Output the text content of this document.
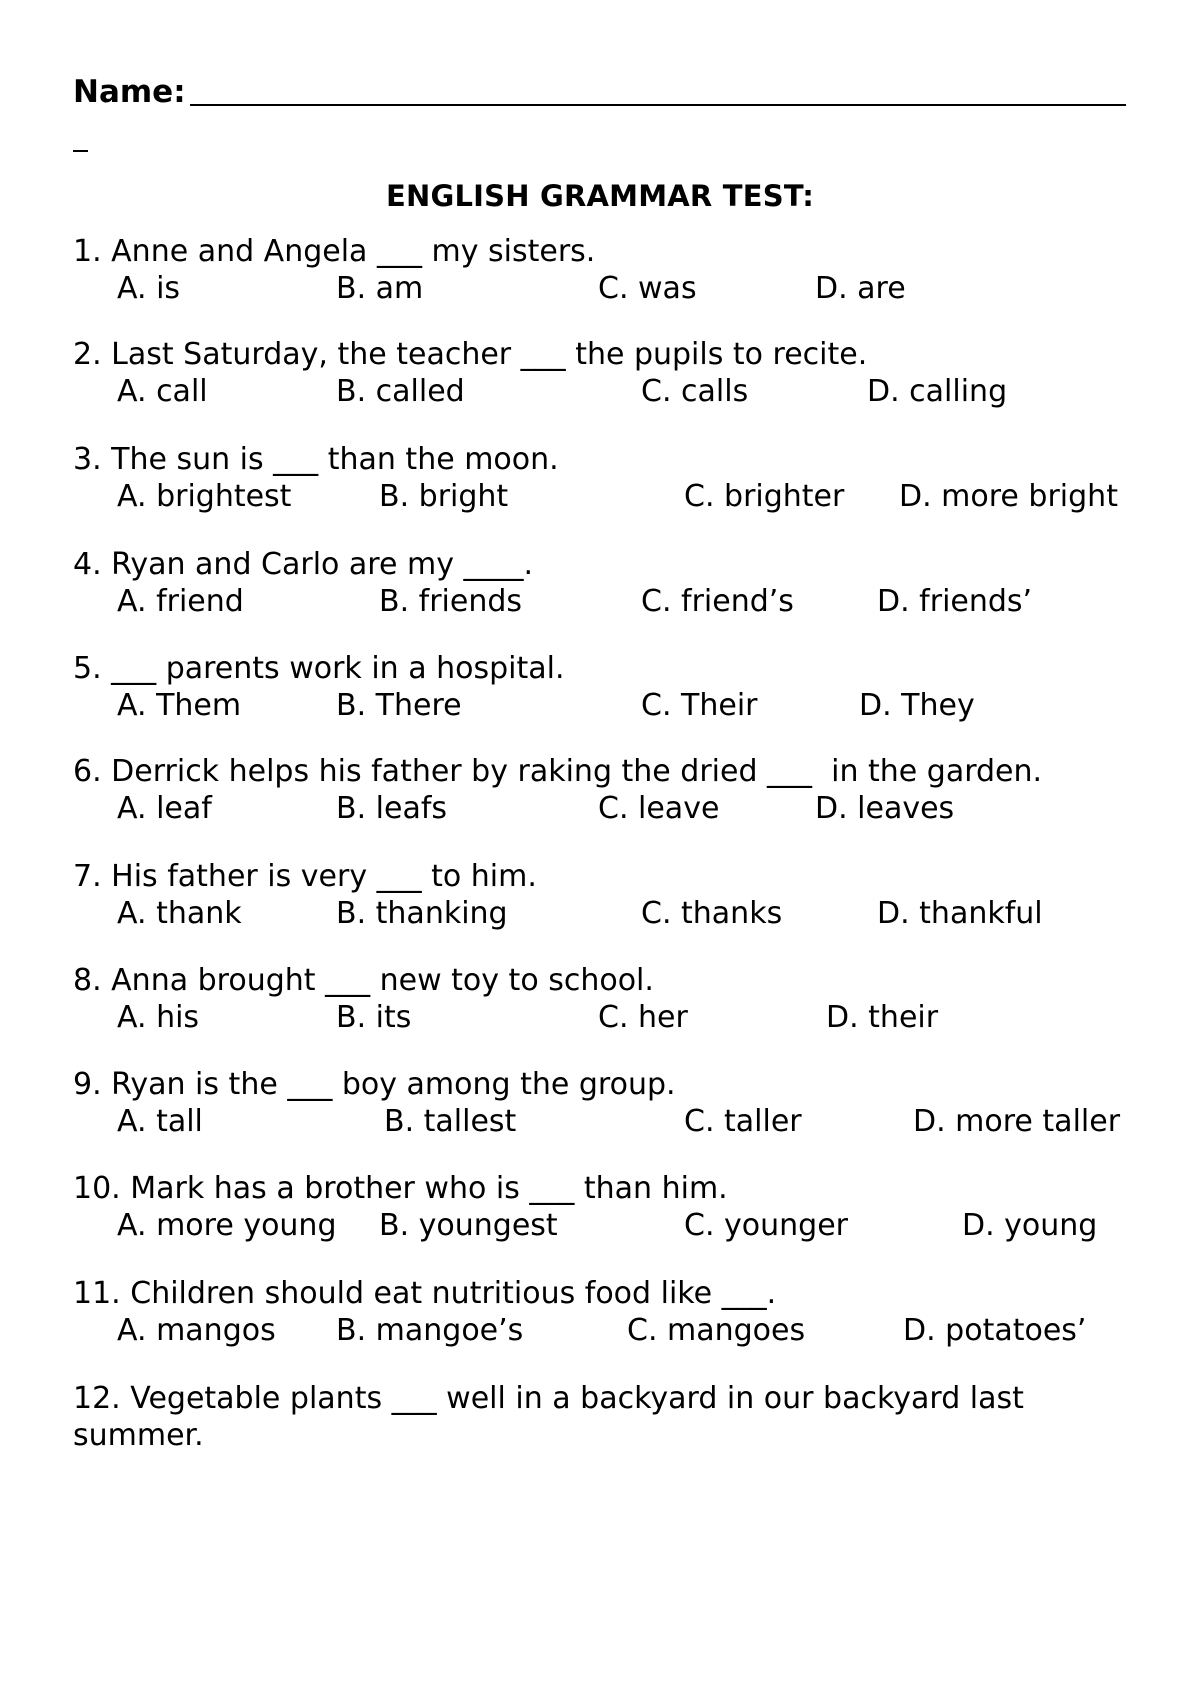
Name:
ENGLISH GRAMMAR TEST:

1. Anne and Angela ___ my sisters.

A. is	B. am	C. was	D. are

2. Last Saturday, the teacher ___ the pupils to recite.

A. call	B. called	C. calls	D. calling

3. The sun is ___ than the moon.

A. brightest	B. bright	C. brighter D. more bright

4. Ryan and Carlo are my ____.

A. friend	B. friends	C. friend’s	D. friends’

5. ___ parents work in a hospital.

A. Them	B. There	C. Their	D. They

6. Derrick helps his father by raking the dried ___  in the garden.

A. leaf	B. leafs	C. leave	D. leaves

7. His father is very ___ to him.

A. thank	B. thanking	C. thanks	D. thankful

8. Anna brought ___ new toy to school.

A. his	B. its	C. her	D. their

9. Ryan is the ___ boy among the group.

A. tall	B. tallest	C. taller	D. more taller

10. Mark has a brother who is ___ than him.

A. more young B. youngest	C. younger	D. young

11. Children should eat nutritious food like ___.

A. mangos B. mangoe’s	C. mangoes	D. potatoes’

12. Vegetable plants ___ well in a backyard in our backyard last summer.
